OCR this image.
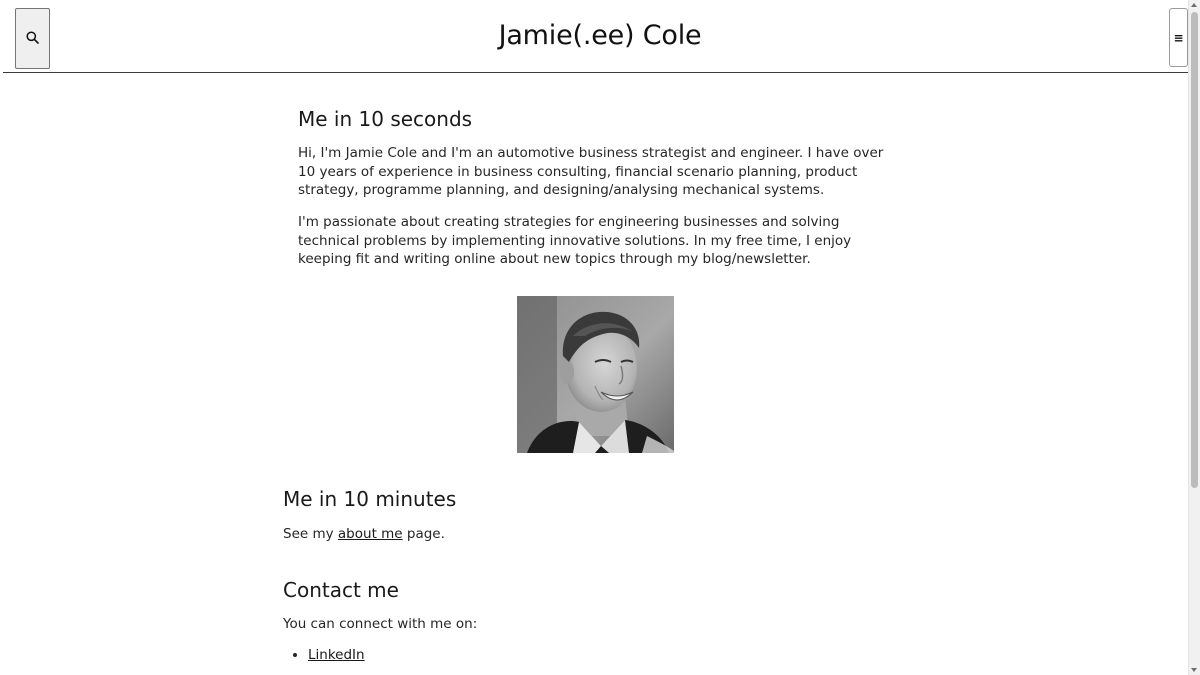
≡
Jamie(.ee) Cole
Me in 10 seconds

Hi, I'm Jamie Cole and I'm an automotive business strategist and engineer. I have over 10 years of experience in business consulting, financial scenario planning, product strategy, programme planning, and designing/analysing mechanical systems.

I'm passionate about creating strategies for engineering businesses and solving technical problems by implementing innovative solutions. In my free time, I enjoy keeping fit and writing online about new topics through my blog/newsletter.

Me in 10 minutes

See my about me page.

Contact me

You can connect with me on:

• LinkedIn
